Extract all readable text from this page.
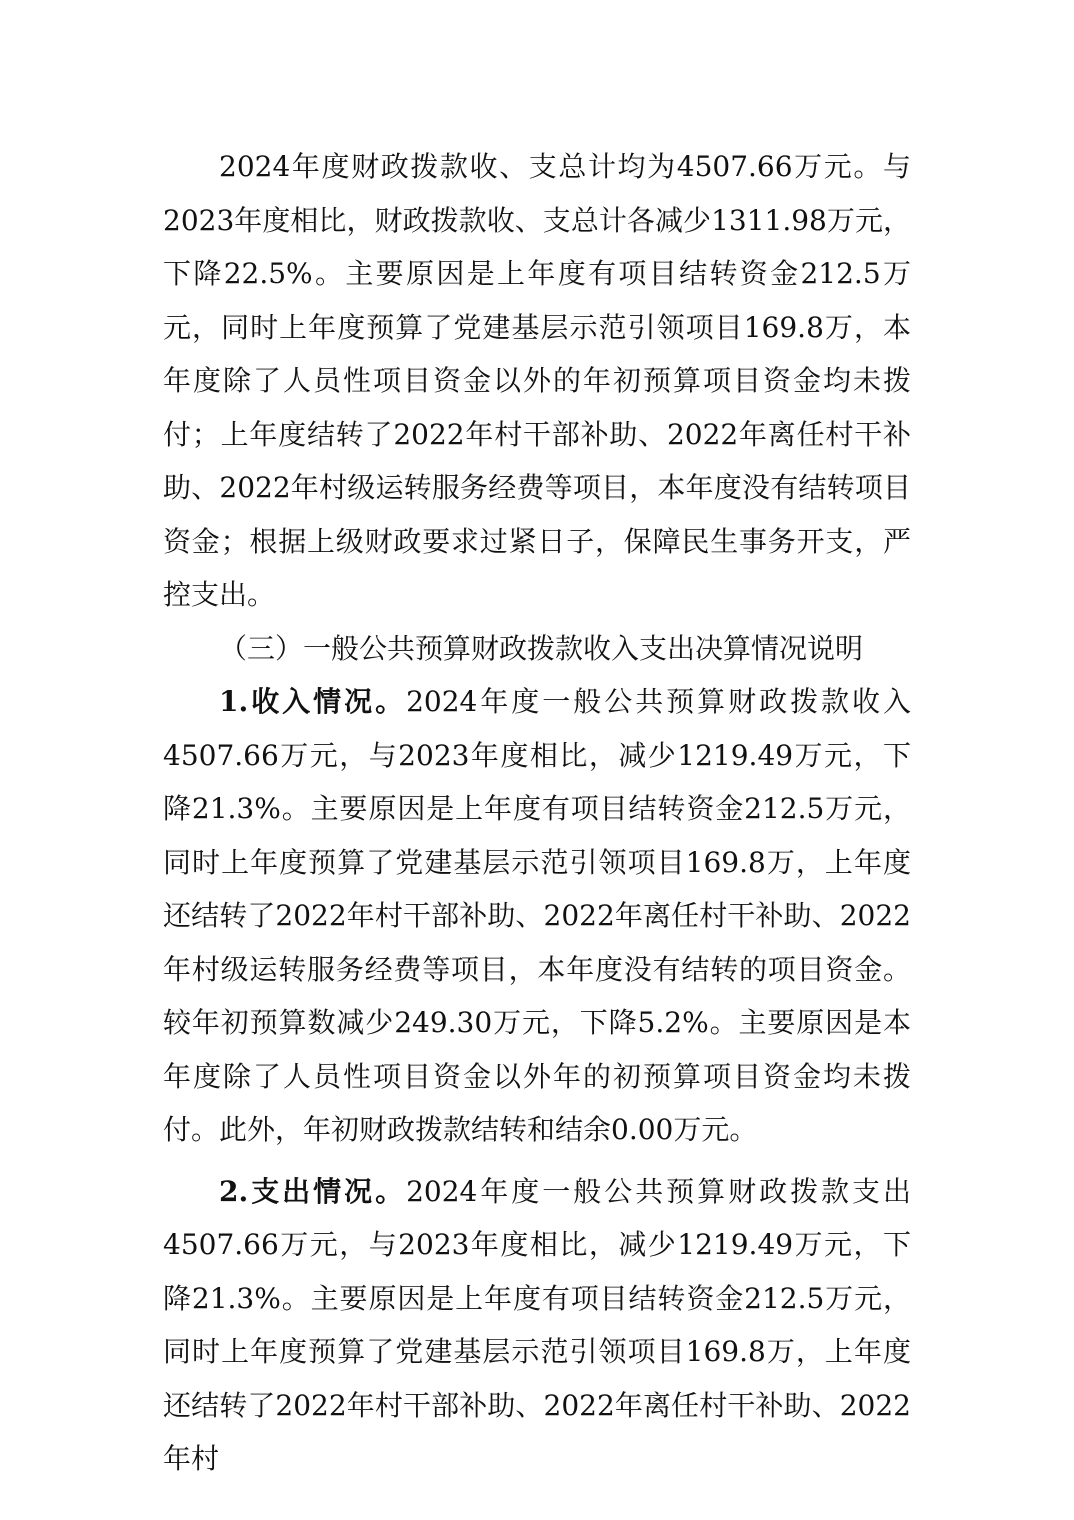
2024年度财政拨款收、支总计均为4507.66万元。与2023年度相比，财政拨款收、支总计各减少1311.98万元，下降22.5%。主要原因是上年度有项目结转资金212.5万元，同时上年度预算了党建基层示范引领项目169.8万，本年度除了人员性项目资金以外的年初预算项目资金均未拨付；上年度结转了2022年村干部补助、2022年离任村干补助、2022年村级运转服务经费等项目，本年度没有结转项目资金；根据上级财政要求过紧日子，保障民生事务开支，严控支出。

（三）一般公共预算财政拨款收入支出决算情况说明

1.收入情况。2024年度一般公共预算财政拨款收入4507.66万元，与2023年度相比，减少1219.49万元，下降21.3%。主要原因是上年度有项目结转资金212.5万元，同时上年度预算了党建基层示范引领项目169.8万，上年度还结转了2022年村干部补助、2022年离任村干补助、2022年村级运转服务经费等项目，本年度没有结转的项目资金。较年初预算数减少249.30万元，下降5.2%。主要原因是本年度除了人员性项目资金以外年的初预算项目资金均未拨付。此外，年初财政拨款结转和结余0.00万元。

2.支出情况。2024年度一般公共预算财政拨款支出4507.66万元，与2023年度相比，减少1219.49万元，下降21.3%。主要原因是上年度有项目结转资金212.5万元，同时上年度预算了党建基层示范引领项目169.8万，上年度还结转了2022年村干部补助、2022年离任村干补助、2022年村
